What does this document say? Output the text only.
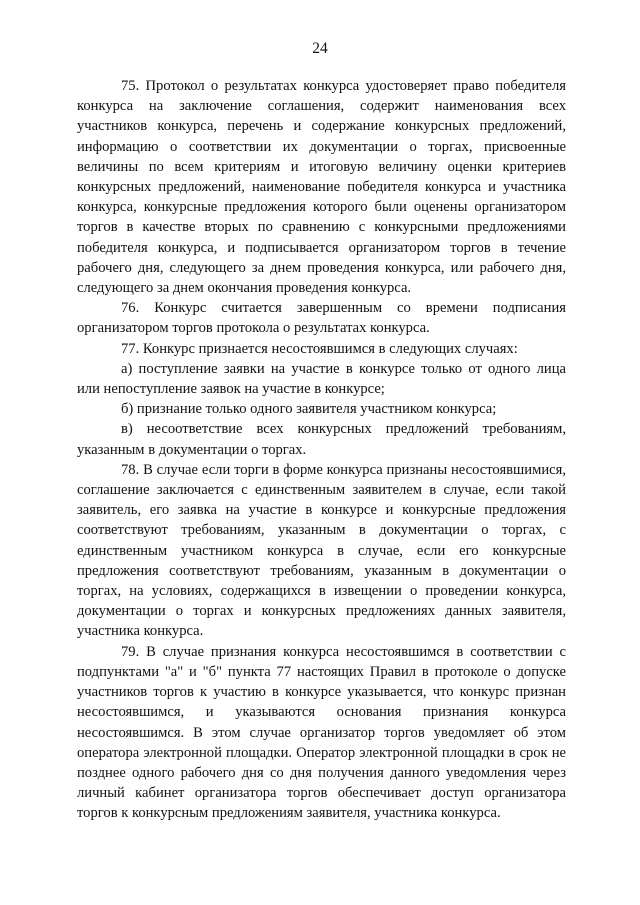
24

75. Протокол о результатах конкурса удостоверяет право победителя конкурса на заключение соглашения, содержит наименования всех участников конкурса, перечень и содержание конкурсных предложений, информацию о соответствии их документации о торгах, присвоенные величины по всем критериям и итоговую величину оценки критериев конкурсных предложений, наименование победителя конкурса и участника конкурса, конкурсные предложения которого были оценены организатором торгов в качестве вторых по сравнению с конкурсными предложениями победителя конкурса, и подписывается организатором торгов в течение рабочего дня, следующего за днем проведения конкурса, или рабочего дня, следующего за днем окончания проведения конкурса.

76. Конкурс считается завершенным со времени подписания организатором торгов протокола о результатах конкурса.

77. Конкурс признается несостоявшимся в следующих случаях:

а) поступление заявки на участие в конкурсе только от одного лица или непоступление заявок на участие в конкурсе;

б) признание только одного заявителя участником конкурса;

в) несоответствие всех конкурсных предложений требованиям, указанным в документации о торгах.

78. В случае если торги в форме конкурса признаны несостоявшимися, соглашение заключается с единственным заявителем в случае, если такой заявитель, его заявка на участие в конкурсе и конкурсные предложения соответствуют требованиям, указанным в документации о торгах, с единственным участником конкурса в случае, если его конкурсные предложения соответствуют требованиям, указанным в документации о торгах, на условиях, содержащихся в извещении о проведении конкурса, документации о торгах и конкурсных предложениях данных заявителя, участника конкурса.

79. В случае признания конкурса несостоявшимся в соответствии с подпунктами "а" и "б" пункта 77 настоящих Правил в протоколе о допуске участников торгов к участию в конкурсе указывается, что конкурс признан несостоявшимся, и указываются основания признания конкурса несостоявшимся. В этом случае организатор торгов уведомляет об этом оператора электронной площадки. Оператор электронной площадки в срок не позднее одного рабочего дня со дня получения данного уведомления через личный кабинет организатора торгов обеспечивает доступ организатора торгов к конкурсным предложениям заявителя, участника конкурса.
